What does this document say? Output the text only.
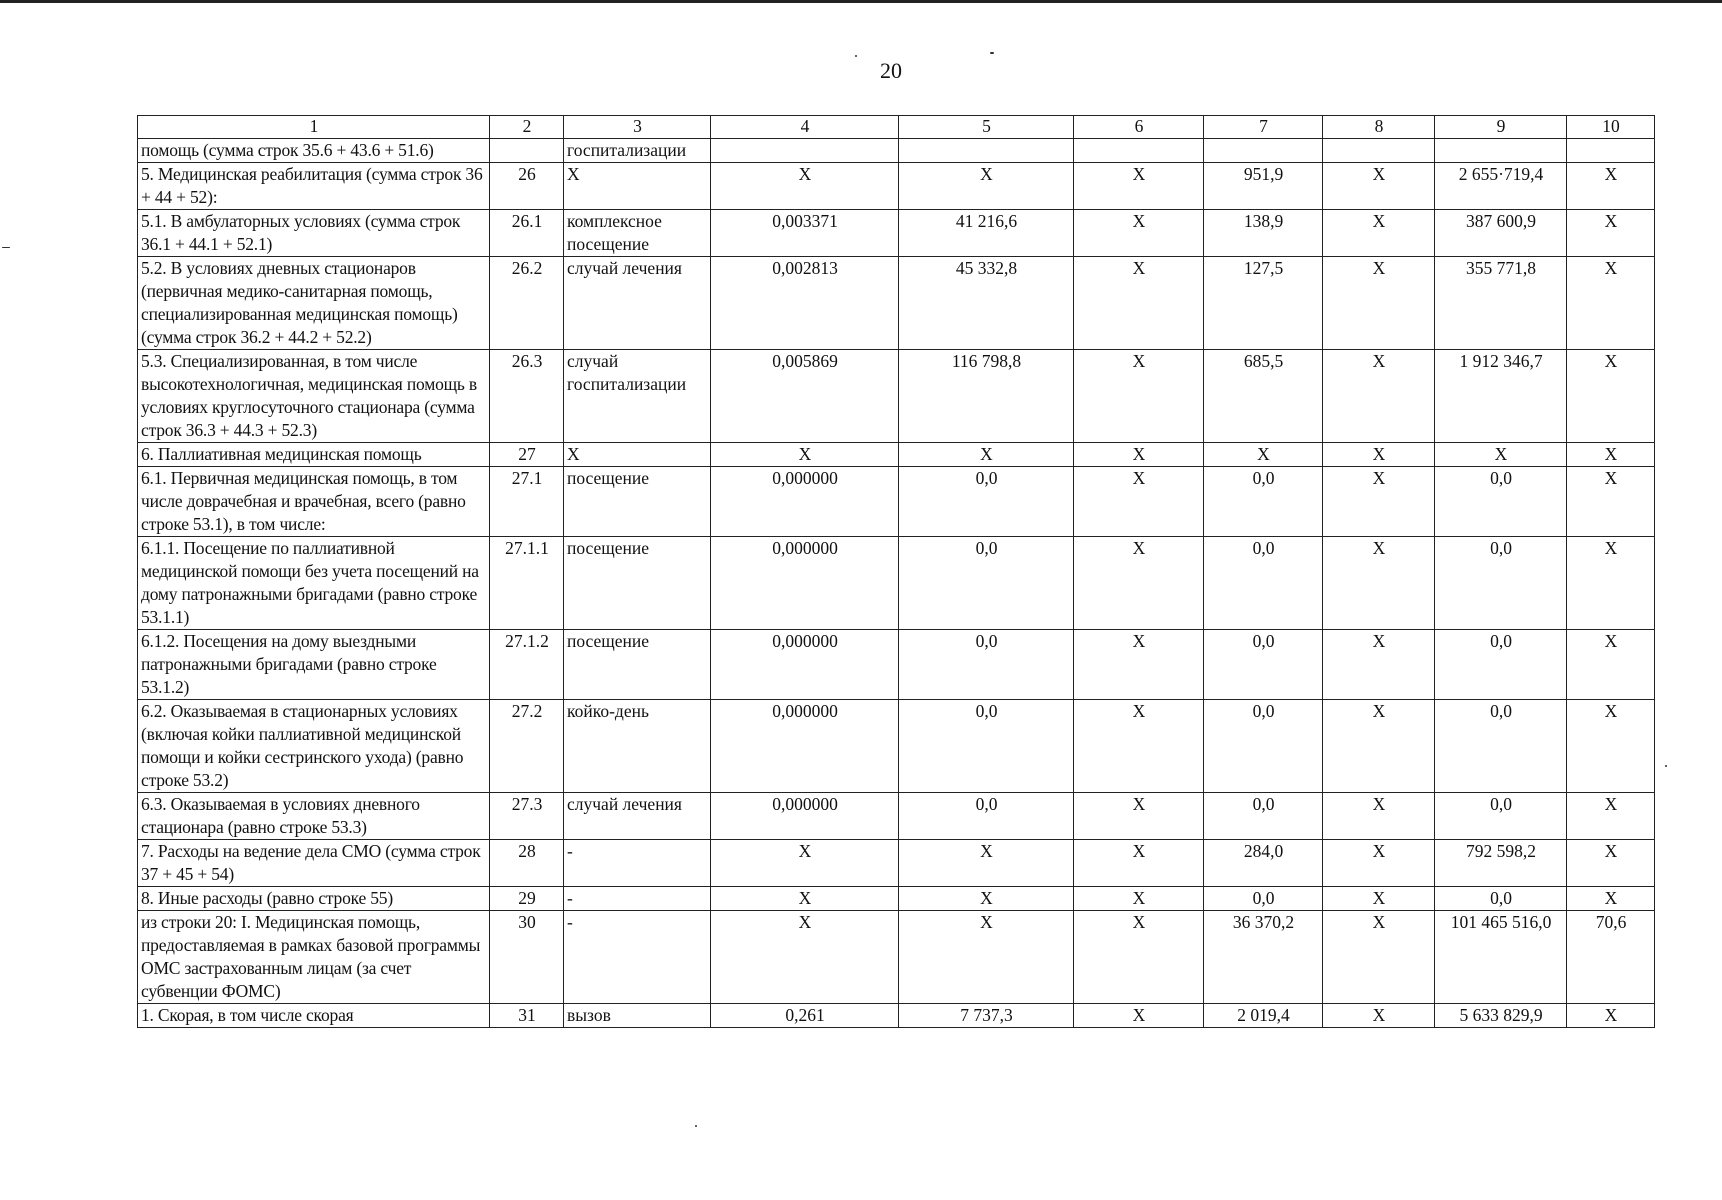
20
1	2	3	4	5	6	7	8	9	10
помощь (сумма строк 35.6 + 43.6 + 51.6)		госпитализации							
5. Медицинская реабилитация (сумма строк 36 + 44 + 52):	26	X	X	X	X	951,9	X	2 655·719,4	X
5.1. В амбулаторных условиях (сумма строк 36.1 + 44.1 + 52.1)	26.1	комплексное посещение	0,003371	41 216,6	X	138,9	X	387 600,9	X
5.2. В условиях дневных стационаров (первичная медико-санитарная помощь, специализированная медицинская помощь) (сумма строк 36.2 + 44.2 + 52.2)	26.2	случай лечения	0,002813	45 332,8	X	127,5	X	355 771,8	X
5.3. Специализированная, в том числе высокотехнологичная, медицинская помощь в условиях круглосуточного стационара (сумма строк 36.3 + 44.3 + 52.3)	26.3	случай госпитализации	0,005869	116 798,8	X	685,5	X	1 912 346,7	X
6. Паллиативная медицинская помощь	27	X	X	X	X	X	X	X	X
6.1. Первичная медицинская помощь, в том числе доврачебная и врачебная, всего (равно строке 53.1), в том числе:	27.1	посещение	0,000000	0,0	X	0,0	X	0,0	X
6.1.1. Посещение по паллиативной медицинской помощи без учета посещений на дому патронажными бригадами (равно строке 53.1.1)	27.1.1	посещение	0,000000	0,0	X	0,0	X	0,0	X
6.1.2. Посещения на дому выездными патронажными бригадами (равно строке 53.1.2)	27.1.2	посещение	0,000000	0,0	X	0,0	X	0,0	X
6.2. Оказываемая в стационарных условиях (включая койки паллиативной медицинской помощи и койки сестринского ухода) (равно строке 53.2)	27.2	койко-день	0,000000	0,0	X	0,0	X	0,0	X
6.3. Оказываемая в условиях дневного стационара (равно строке 53.3)	27.3	случай лечения	0,000000	0,0	X	0,0	X	0,0	X
7. Расходы на ведение дела СМО (сумма строк 37 + 45 + 54)	28	-	X	X	X	284,0	X	792 598,2	X
8. Иные расходы (равно строке 55)	29	-	X	X	X	0,0	X	0,0	X
из строки 20: I. Медицинская помощь, предоставляемая в рамках базовой программы ОМС застрахованным лицам (за счет субвенции ФОМС)	30	-	X	X	X	36 370,2	X	101 465 516,0	70,6
1. Скорая, в том числе скорая	31	вызов	0,261	7 737,3	X	2 019,4	X	5 633 829,9	X
